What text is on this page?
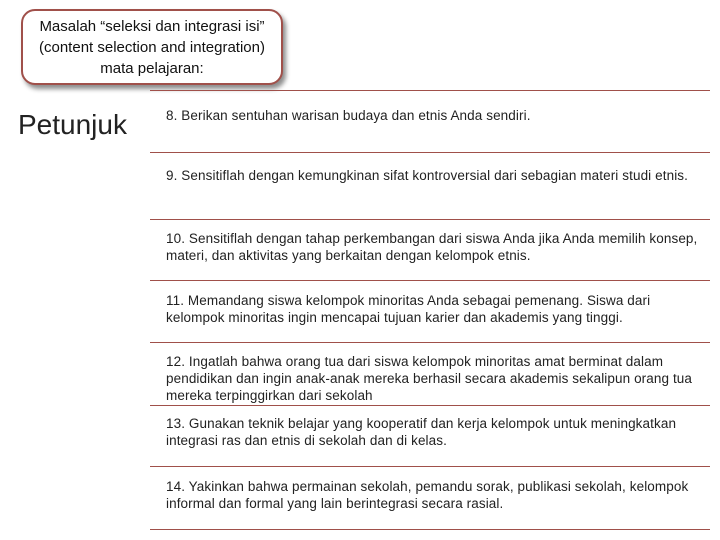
Masalah “seleksi dan integrasi isi” (content selection and integration) mata pelajaran:
Petunjuk	8. Berikan sentuhan warisan budaya dan etnis Anda sendiri.
9. Sensitiflah dengan kemungkinan sifat kontroversial dari sebagian materi studi etnis.
10. Sensitiflah dengan tahap perkembangan dari siswa Anda jika Anda memilih konsep, materi, dan aktivitas yang berkaitan dengan kelompok etnis.
11. Memandang siswa kelompok minoritas Anda sebagai pemenang. Siswa dari kelompok minoritas ingin mencapai tujuan karier dan akademis yang tinggi.
12. Ingatlah bahwa orang tua dari siswa kelompok minoritas amat berminat dalam pendidikan dan ingin anak-anak mereka berhasil secara akademis sekalipun orang tua mereka terpinggirkan dari sekolah
13. Gunakan teknik belajar yang kooperatif dan kerja kelompok untuk meningkatkan integrasi ras dan etnis di sekolah dan di kelas.
14. Yakinkan bahwa permainan sekolah, pemandu sorak, publikasi sekolah, kelompok informal dan formal yang lain berintegrasi secara rasial.
